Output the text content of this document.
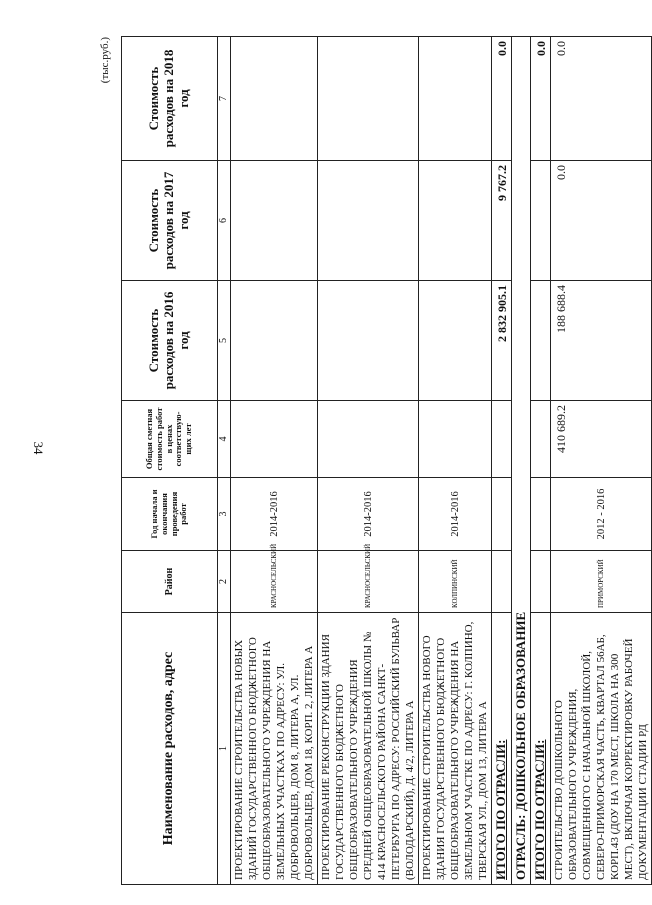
34
(тыс.руб.)
Наименование расходов, адрес	Район	Год начала и окончания проведения работ	Общая сметная стоимость работ в ценах соответствую- щих лет	Стоимость расходов на 2016 год	Стоимость расходов на 2017 год	Стоимость расходов на 2018 год
1	2	3	4	5	6	7
ПРОЕКТИРОВАНИЕ СТРОИТЕЛЬСТВА НОВЫХ ЗДАНИЙ ГОСУДАРСТВЕННОГО БЮДЖЕТНОГО ОБЩЕОБРАЗОВАТЕЛЬНОГО УЧРЕЖДЕНИЯ НА ЗЕМЕЛЬНЫХ УЧАСТКАХ ПО АДРЕСУ: УЛ. ДОБРОВОЛЬЦЕВ, ДОМ 8, ЛИТЕРА А, УЛ. ДОБРОВОЛЬЦЕВ, ДОМ 18, КОРП. 2, ЛИТЕРА А	КРАСНОСЕЛЬСКИЙ	2014-2016				
ПРОЕКТИРОВАНИЕ РЕКОНСТРУКЦИИ ЗДАНИЯ ГОСУДАРСТВЕННОГО БЮДЖЕТНОГО ОБЩЕОБРАЗОВАТЕЛЬНОГО УЧРЕЖДЕНИЯ СРЕДНЕЙ ОБЩЕОБРАЗОВАТЕЛЬНОЙ ШКОЛЫ № 414 КРАСНОСЕЛЬСКОГО РАЙОНА САНКТ-ПЕТЕРБУРГА ПО АДРЕСУ: РОССИЙСКИЙ БУЛЬВАР (ВОЛОДАРСКИЙ), Д. 4/2, ЛИТЕРА А	КРАСНОСЕЛЬСКИЙ	2014-2016				
ПРОЕКТИРОВАНИЕ СТРОИТЕЛЬСТВА НОВОГО ЗДАНИЯ ГОСУДАРСТВЕННОГО БЮДЖЕТНОГО ОБЩЕОБРАЗОВАТЕЛЬНОГО УЧРЕЖДЕНИЯ НА ЗЕМЕЛЬНОМ УЧАСТКЕ ПО АДРЕСУ: Г. КОЛПИНО, ТВЕРСКАЯ УЛ., ДОМ 13, ЛИТЕРА А	КОЛПИНСКИЙ	2014-2016				
ИТОГО ПО ОТРАСЛИ:				2 832 905.1	9 767.2	0.0
ОТРАСЛЬ: ДОШКОЛЬНОЕ ОБРАЗОВАНИЕ						
ИТОГО ПО ОТРАСЛИ:						0.0
СТРОИТЕЛЬСТВО ДОШКОЛЬНОГО ОБРАЗОВАТЕЛЬНОГО УЧРЕЖДЕНИЯ, СОВМЕЩЕННОГО С НАЧАЛЬНОЙ ШКОЛОЙ, СЕВЕРО-ПРИМОРСКАЯ ЧАСТЬ, КВАРТАЛ 56АБ, КОРП.43 (ДОУ НА 170 МЕСТ, ШКОЛА НА 300 МЕСТ), ВКЛЮЧАЯ КОРРЕКТИРОВКУ РАБОЧЕЙ ДОКУМЕНТАЦИИ СТАДИИ РД	ПРИМОРСКИЙ	2012 - 2016	410 689.2	188 688.4	0.0	0.0
